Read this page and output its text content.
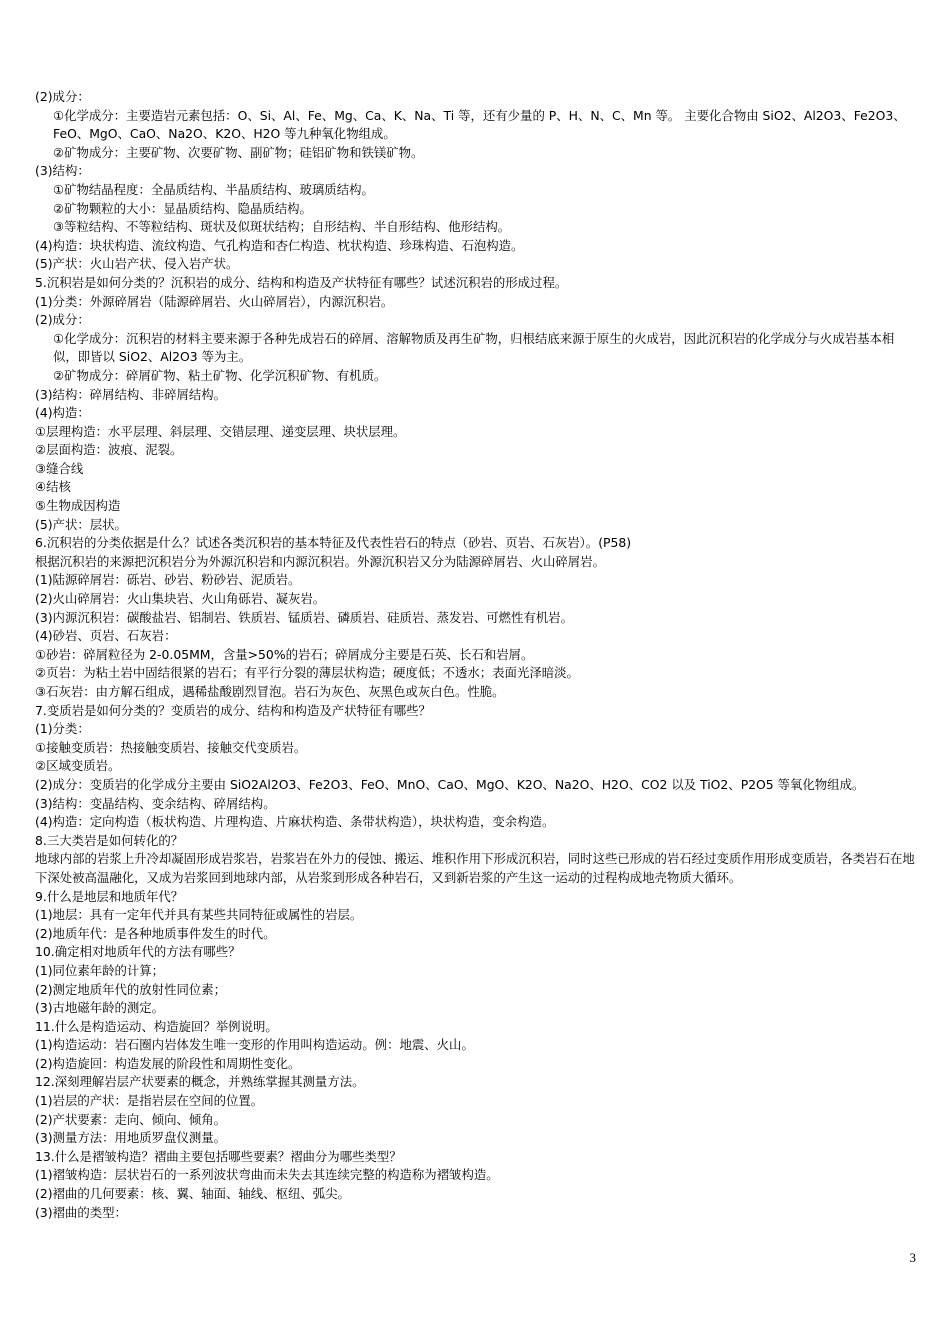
(2)成分：
①化学成分：主要造岩元素包括：O、Si、Al、Fe、Mg、Ca、K、Na、Ti 等，还有少量的 P、H、N、C、Mn 等。 主要化合物由 SiO2、Al2O3、Fe2O3、FeO、MgO、CaO、Na2O、K2O、H2O 等九种氧化物组成。
②矿物成分：主要矿物、次要矿物、副矿物；硅铝矿物和铁镁矿物。
(3)结构：
①矿物结晶程度：全晶质结构、半晶质结构、玻璃质结构。
②矿物颗粒的大小：显晶质结构、隐晶质结构。
③等粒结构、不等粒结构、斑状及似斑状结构；自形结构、半自形结构、他形结构。
(4)构造：块状构造、流纹构造、气孔构造和杏仁构造、枕状构造、珍珠构造、石泡构造。
(5)产状：火山岩产状、侵入岩产状。
5.沉积岩是如何分类的？沉积岩的成分、结构和构造及产状特征有哪些？试述沉积岩的形成过程。
(1)分类：外源碎屑岩（陆源碎屑岩、火山碎屑岩），内源沉积岩。
(2)成分：
①化学成分：沉积岩的材料主要来源于各种先成岩石的碎屑、溶解物质及再生矿物，归根结底来源于原生的火成岩，因此沉积岩的化学成分与火成岩基本相似，即皆以 SiO2、Al2O3 等为主。
②矿物成分：碎屑矿物、粘土矿物、化学沉积矿物、有机质。
(3)结构：碎屑结构、非碎屑结构。
(4)构造：
①层理构造：水平层理、斜层理、交错层理、递变层理、块状层理。
②层面构造：波痕、泥裂。
③缝合线
④结核
⑤生物成因构造
(5)产状：层状。
6.沉积岩的分类依据是什么？试述各类沉积岩的基本特征及代表性岩石的特点（砂岩、页岩、石灰岩）。(P58)
根据沉积岩的来源把沉积岩分为外源沉积岩和内源沉积岩。外源沉积岩又分为陆源碎屑岩、火山碎屑岩。
(1)陆源碎屑岩：砾岩、砂岩、粉砂岩、泥质岩。
(2)火山碎屑岩：火山集块岩、火山角砾岩、凝灰岩。
(3)内源沉积岩：碳酸盐岩、铝制岩、铁质岩、锰质岩、磷质岩、硅质岩、蒸发岩、可燃性有机岩。
(4)砂岩、页岩、石灰岩：
①砂岩：碎屑粒径为 2-0.05MM，含量>50%的岩石；碎屑成分主要是石英、长石和岩屑。
②页岩：为粘土岩中固结很紧的岩石；有平行分裂的薄层状构造；硬度低；不透水；表面光泽暗淡。
③石灰岩：由方解石组成，遇稀盐酸剧烈冒泡。岩石为灰色、灰黑色或灰白色。性脆。
7.变质岩是如何分类的？变质岩的成分、结构和构造及产状特征有哪些？
(1)分类：
①接触变质岩：热接触变质岩、接触交代变质岩。
②区域变质岩。
(2)成分：变质岩的化学成分主要由 SiO2Al2O3、Fe2O3、FeO、MnO、CaO、MgO、K2O、Na2O、H2O、CO2 以及 TiO2、P2O5 等氧化物组成。
(3)结构：变晶结构、变余结构、碎屑结构。
(4)构造：定向构造（板状构造、片理构造、片麻状构造、条带状构造），块状构造，变余构造。
8.三大类岩是如何转化的？
地球内部的岩浆上升冷却凝固形成岩浆岩，岩浆岩在外力的侵蚀、搬运、堆积作用下形成沉积岩，同时这些已形成的岩石经过变质作用形成变质岩，各类岩石在地下深处被高温融化，又成为岩浆回到地球内部，从岩浆到形成各种岩石，又到新岩浆的产生这一运动的过程构成地壳物质大循环。
9.什么是地层和地质年代？
(1)地层：具有一定年代并具有某些共同特征或属性的岩层。
(2)地质年代：是各种地质事件发生的时代。
10.确定相对地质年代的方法有哪些？
(1)同位素年龄的计算；
(2)测定地质年代的放射性同位素；
(3)古地磁年龄的测定。
11.什么是构造运动、构造旋回？举例说明。
(1)构造运动：岩石圈内岩体发生唯一变形的作用叫构造运动。例：地震、火山。
(2)构造旋回：构造发展的阶段性和周期性变化。
12.深刻理解岩层产状要素的概念，并熟练掌握其测量方法。
(1)岩层的产状：是指岩层在空间的位置。
(2)产状要素：走向、倾向、倾角。
(3)测量方法：用地质罗盘仪测量。
13.什么是褶皱构造？褶曲主要包括哪些要素？褶曲分为哪些类型？
(1)褶皱构造：层状岩石的一系列波状弯曲而未失去其连续完整的构造称为褶皱构造。
(2)褶曲的几何要素：核、翼、轴面、轴线、枢纽、弧尖。
(3)褶曲的类型：
3
